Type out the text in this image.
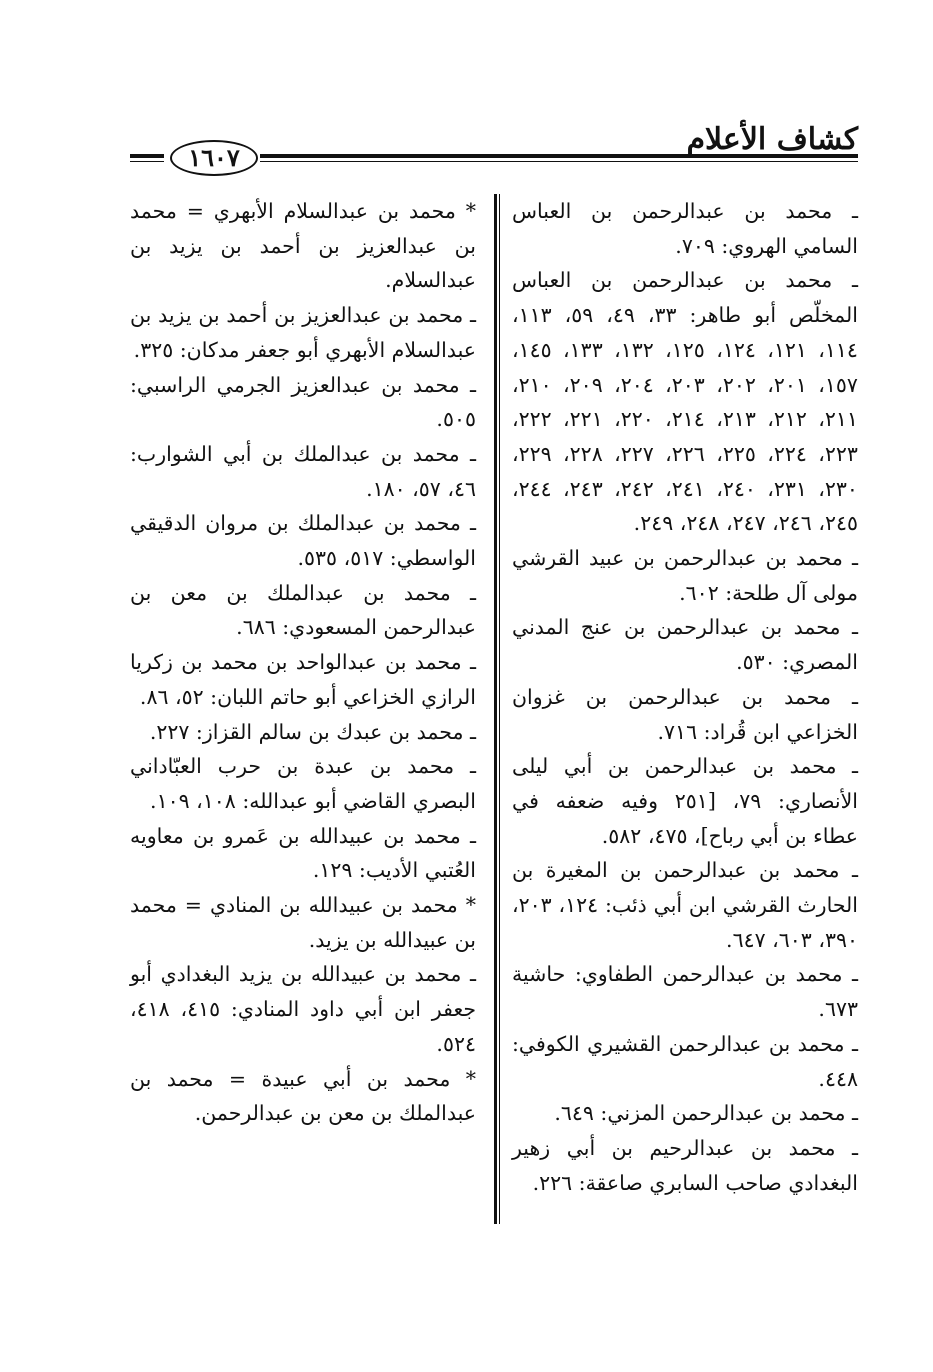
كشاف الأعلام
١٦٠٧

ـ محمد بن عبدالرحمن بن العباس السامي الهروي: ٧٠٩.

ـ محمد بن عبدالرحمن بن العباس المخلّص أبو طاهر: ٣٣، ٤٩، ٥٩، ١١٣، ١١٤، ١٢١، ١٢٤، ١٢٥، ١٣٢، ١٣٣، ١٤٥، ١٥٧، ٢٠١، ٢٠٢، ٢٠٣، ٢٠٤، ٢٠٩، ٢١٠، ٢١١، ٢١٢، ٢١٣، ٢١٤، ٢٢٠، ٢٢١، ٢٢٢، ٢٢٣، ٢٢٤، ٢٢٥، ٢٢٦، ٢٢٧، ٢٢٨، ٢٢٩، ٢٣٠، ٢٣١، ٢٤٠، ٢٤١، ٢٤٢، ٢٤٣، ٢٤٤، ٢٤٥، ٢٤٦، ٢٤٧، ٢٤٨، ٢٤٩.

ـ محمد بن عبدالرحمن بن عبيد القرشي مولى آل طلحة: ٦٠٢.

ـ محمد بن عبدالرحمن بن عنج المدني المصري: ٥٣٠.

ـ محمد بن عبدالرحمن بن غزوان الخزاعي ابن قُراد: ٧١٦.

ـ محمد بن عبدالرحمن بن أبي ليلى الأنصاري: ٧٩، [٢٥١ وفيه ضعفه في عطاء بن أبي رباح]، ٤٧٥، ٥٨٢.

ـ محمد بن عبدالرحمن بن المغيرة بن الحارث القرشي ابن أبي ذئب: ١٢٤، ٢٠٣، ٣٩٠، ٦٠٣، ٦٤٧.

ـ محمد بن عبدالرحمن الطفاوي: حاشية ٦٧٣.

ـ محمد بن عبدالرحمن القشيري الكوفي: ٤٤٨.

ـ محمد بن عبدالرحمن المزني: ٦٤٩.

ـ محمد بن عبدالرحيم بن أبي زهير البغدادي صاحب السابري صاعقة: ٢٢٦.

* محمد بن عبدالسلام الأبهري = محمد بن عبدالعزيز بن أحمد بن يزيد بن عبدالسلام.

ـ محمد بن عبدالعزيز بن أحمد بن يزيد بن عبدالسلام الأبهري أبو جعفر مدكان: ٣٢٥.

ـ محمد بن عبدالعزيز الجرمي الراسبي: ٥٠٥.

ـ محمد بن عبدالملك بن أبي الشوارب: ٤٦، ٥٧، ١٨٠.

ـ محمد بن عبدالملك بن مروان الدقيقي الواسطي: ٥١٧، ٥٣٥.

ـ محمد بن عبدالملك بن معن بن عبدالرحمن المسعودي: ٦٨٦.

ـ محمد بن عبدالواحد بن محمد بن زكريا الرازي الخزاعي أبو حاتم اللبان: ٥٢، ٨٦.

ـ محمد بن عبدك بن سالم القزاز: ٢٢٧.

ـ محمد بن عبدة بن حرب العبّاداني البصري القاضي أبو عبدالله: ١٠٨، ١٠٩.

ـ محمد بن عبيدالله بن عَمرو بن معاويه العُتبي الأديب: ١٢٩.

* محمد بن عبيدالله بن المنادي = محمد بن عبيدالله بن يزيد.

ـ محمد بن عبيدالله بن يزيد البغدادي أبو جعفر ابن أبي داود المنادي: ٤١٥، ٤١٨، ٥٢٤.

* محمد بن أبي عبيدة = محمد بن عبدالملك بن معن بن عبدالرحمن.
